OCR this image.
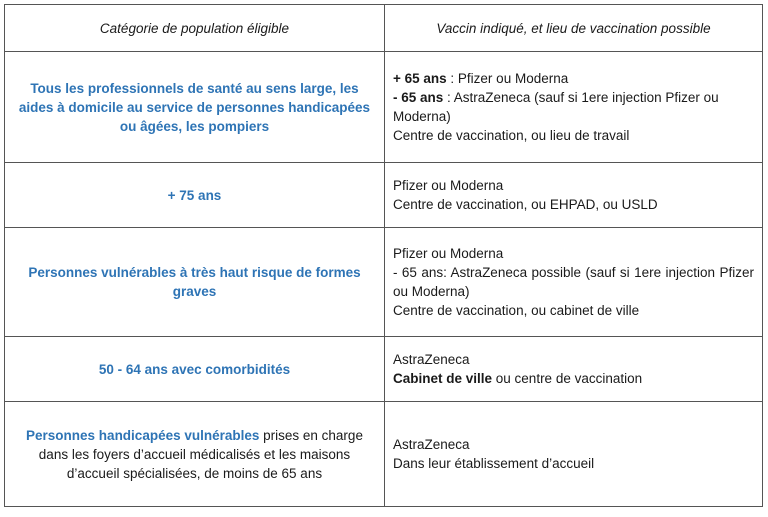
Catégorie de population éligible	Vaccin indiqué, et lieu de vaccination possible
Tous les professionnels de santé au sens large, les aides à domicile au service de personnes handicapées ou âgées, les pompiers	+ 65 ans : Pfizer ou Moderna
- 65 ans : AstraZeneca (sauf si 1ere injection Pfizer ou Moderna)
Centre de vaccination, ou lieu de travail

+ 75 ans	Pfizer ou Moderna
Centre de vaccination, ou EHPAD, ou USLD

Personnes vulnérables à très haut risque de formes graves	Pfizer ou Moderna
- 65 ans: AstraZeneca possible (sauf si 1ere injection Pfizer ou Moderna)
Centre de vaccination, ou cabinet de ville

50 - 64 ans avec comorbidités	AstraZeneca
Cabinet de ville ou centre de vaccination

Personnes handicapées vulnérables prises en charge dans les foyers d’accueil médicalisés et les maisons d’accueil spécialisées, de moins de 65 ans	AstraZeneca
Dans leur établissement d’accueil
